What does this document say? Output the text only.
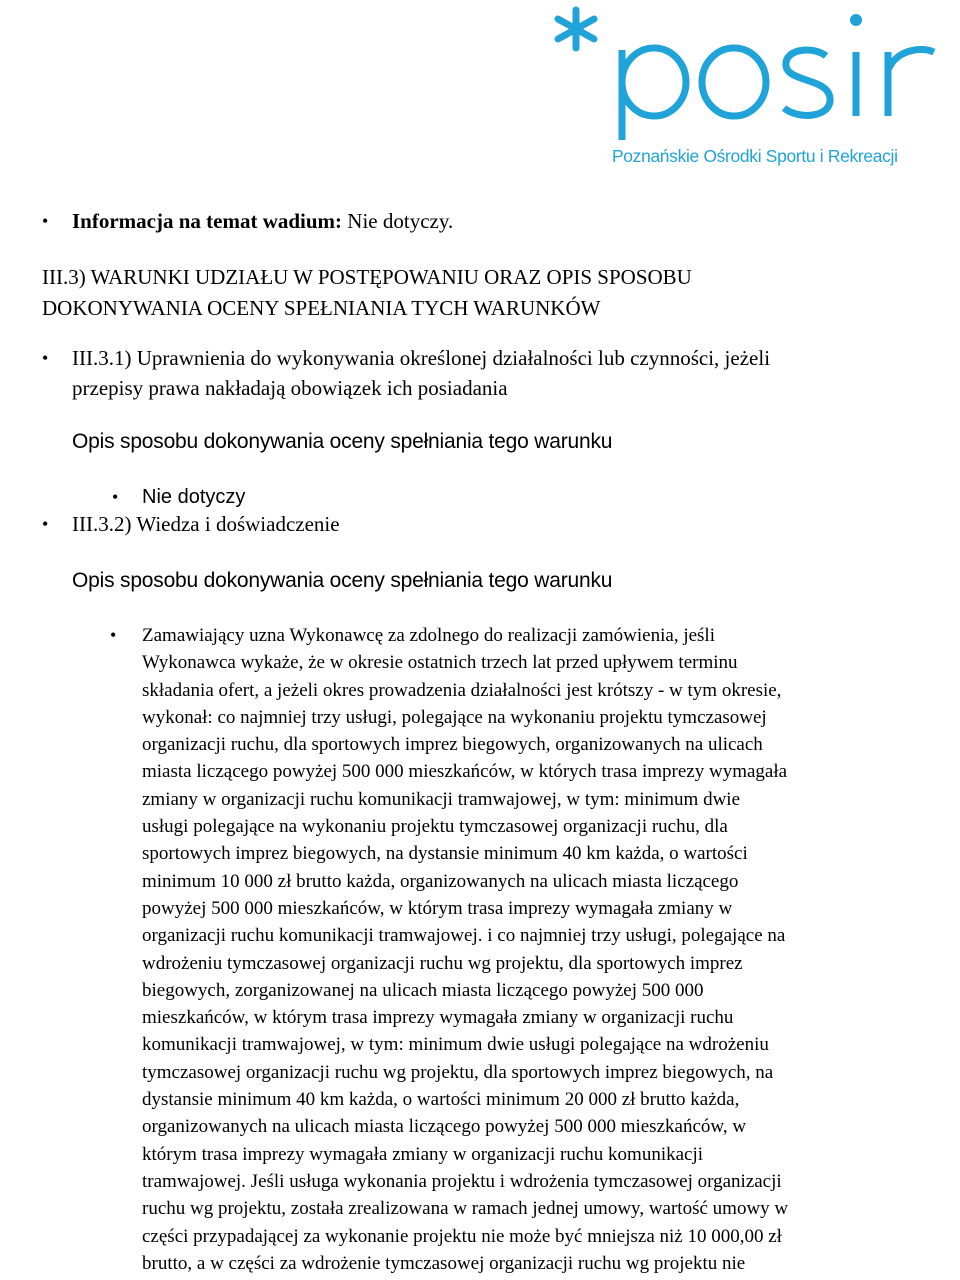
Poznańskie Ośrodki Sportu i Rekreacji
• Informacja na temat wadium: Nie dotyczy.
III.3) WARUNKI UDZIAŁU W POSTĘPOWANIU ORAZ OPIS SPOSOBU
DOKONYWANIA OCENY SPEŁNIANIA TYCH WARUNKÓW
• III.3.1) Uprawnienia do wykonywania określonej działalności lub czynności, jeżeli
przepisy prawa nakładają obowiązek ich posiadania
Opis sposobu dokonywania oceny spełniania tego warunku
• Nie dotyczy
• III.3.2) Wiedza i doświadczenie
Opis sposobu dokonywania oceny spełniania tego warunku
• Zamawiający uzna Wykonawcę za zdolnego do realizacji zamówienia, jeśli
Wykonawca wykaże, że w okresie ostatnich trzech lat przed upływem terminu
składania ofert, a jeżeli okres prowadzenia działalności jest krótszy - w tym okresie,
wykonał: co najmniej trzy usługi, polegające na wykonaniu projektu tymczasowej
organizacji ruchu, dla sportowych imprez biegowych, organizowanych na ulicach
miasta liczącego powyżej 500 000 mieszkańców, w których trasa imprezy wymagała
zmiany w organizacji ruchu komunikacji tramwajowej, w tym: minimum dwie
usługi polegające na wykonaniu projektu tymczasowej organizacji ruchu, dla
sportowych imprez biegowych, na dystansie minimum 40 km każda, o wartości
minimum 10 000 zł brutto każda, organizowanych na ulicach miasta liczącego
powyżej 500 000 mieszkańców, w którym trasa imprezy wymagała zmiany w
organizacji ruchu komunikacji tramwajowej. i co najmniej trzy usługi, polegające na
wdrożeniu tymczasowej organizacji ruchu wg projektu, dla sportowych imprez
biegowych, zorganizowanej na ulicach miasta liczącego powyżej 500 000
mieszkańców, w którym trasa imprezy wymagała zmiany w organizacji ruchu
komunikacji tramwajowej, w tym: minimum dwie usługi polegające na wdrożeniu
tymczasowej organizacji ruchu wg projektu, dla sportowych imprez biegowych, na
dystansie minimum 40 km każda, o wartości minimum 20 000 zł brutto każda,
organizowanych na ulicach miasta liczącego powyżej 500 000 mieszkańców, w
którym trasa imprezy wymagała zmiany w organizacji ruchu komunikacji
tramwajowej. Jeśli usługa wykonania projektu i wdrożenia tymczasowej organizacji
ruchu wg projektu, została zrealizowana w ramach jednej umowy, wartość umowy w
części przypadającej za wykonanie projektu nie może być mniejsza niż 10 000,00 zł
brutto, a w części za wdrożenie tymczasowej organizacji ruchu wg projektu nie
